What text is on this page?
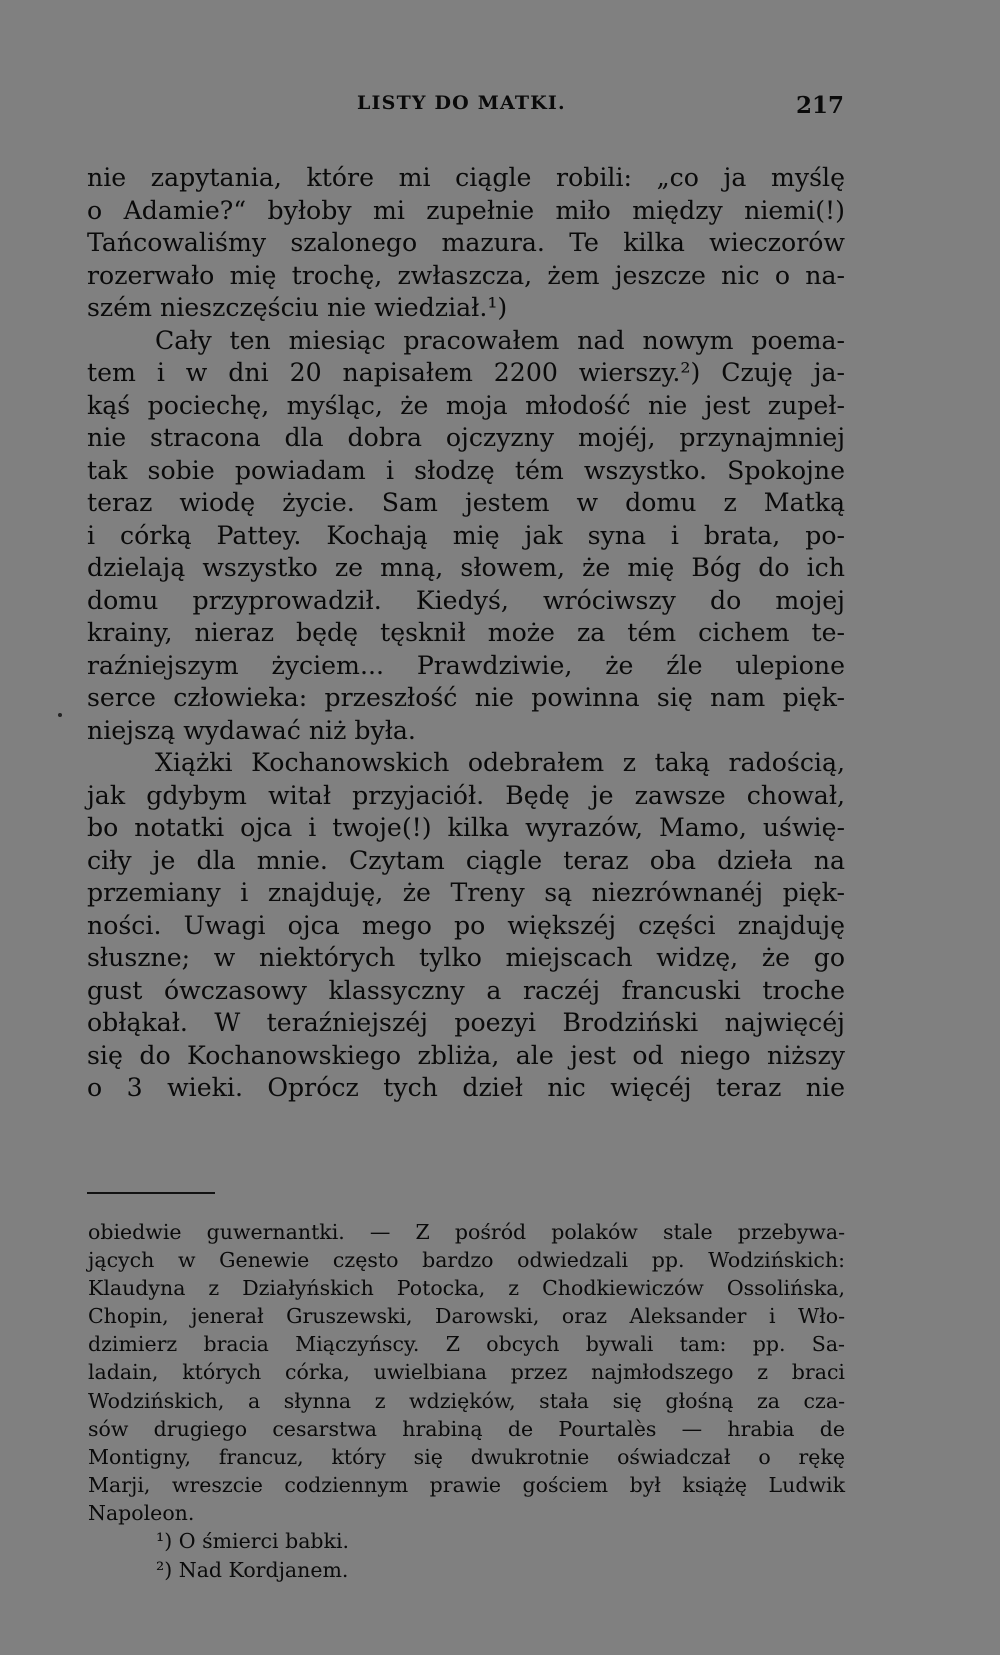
LISTY DO MATKI.	217
nie zapytania, które mi ciągle robili: „co ja myślę
o Adamie?“ byłoby mi zupełnie miło między niemi(!)
Tańcowaliśmy szalonego mazura. Te kilka wieczorów
rozerwało mię trochę, zwłaszcza, żem jeszcze nic o na-
szém nieszczęściu nie wiedział.¹)
Cały ten miesiąc pracowałem nad nowym poema-
tem i w dni 20 napisałem 2200 wierszy.²) Czuję ja-
kąś pociechę, myśląc, że moja młodość nie jest zupeł-
nie stracona dla dobra ojczyzny mojéj, przynajmniej
tak sobie powiadam i słodzę tém wszystko. Spokojne
teraz wiodę życie. Sam jestem w domu z Matką
i córką Pattey. Kochają mię jak syna i brata, po-
dzielają wszystko ze mną, słowem, że mię Bóg do ich
domu przyprowadził. Kiedyś, wróciwszy do mojej
krainy, nieraz będę tęsknił może za tém cichem te-
raźniejszym życiem... Prawdziwie, że źle ulepione
serce człowieka: przeszłość nie powinna się nam pięk-
niejszą wydawać niż była.
Xiążki Kochanowskich odebrałem z taką radością,
jak gdybym witał przyjaciół. Będę je zawsze chował,
bo notatki ojca i twoje(!) kilka wyrazów, Mamo, uświę-
ciły je dla mnie. Czytam ciągle teraz oba dzieła na
przemiany i znajduję, że Treny są niezrównanéj pięk-
ności. Uwagi ojca mego po większéj części znajduję
słuszne; w niektórych tylko miejscach widzę, że go
gust ówczasowy klassyczny a raczéj francuski troche
obłąkał. W teraźniejszéj poezyi Brodziński najwięcéj
się do Kochanowskiego zbliża, ale jest od niego niższy
o 3 wieki. Oprócz tych dzieł nic więcéj teraz nie
obiedwie guwernantki. — Z pośród polaków stale przebywa-
jących w Genewie często bardzo odwiedzali pp. Wodzińskich:
Klaudyna z Działyńskich Potocka, z Chodkiewiczów Ossolińska,
Chopin, jenerał Gruszewski, Darowski, oraz Aleksander i Wło-
dzimierz bracia Miączyńscy. Z obcych bywali tam: pp. Sa-
ladain, których córka, uwielbiana przez najmłodszego z braci
Wodzińskich, a słynna z wdzięków, stała się głośną za cza-
sów drugiego cesarstwa hrabiną de Pourtalès — hrabia de
Montigny, francuz, który się dwukrotnie oświadczał o rękę
Marji, wreszcie codziennym prawie gościem był książę Ludwik
Napoleon.
¹) O śmierci babki.
²) Nad Kordjanem.
